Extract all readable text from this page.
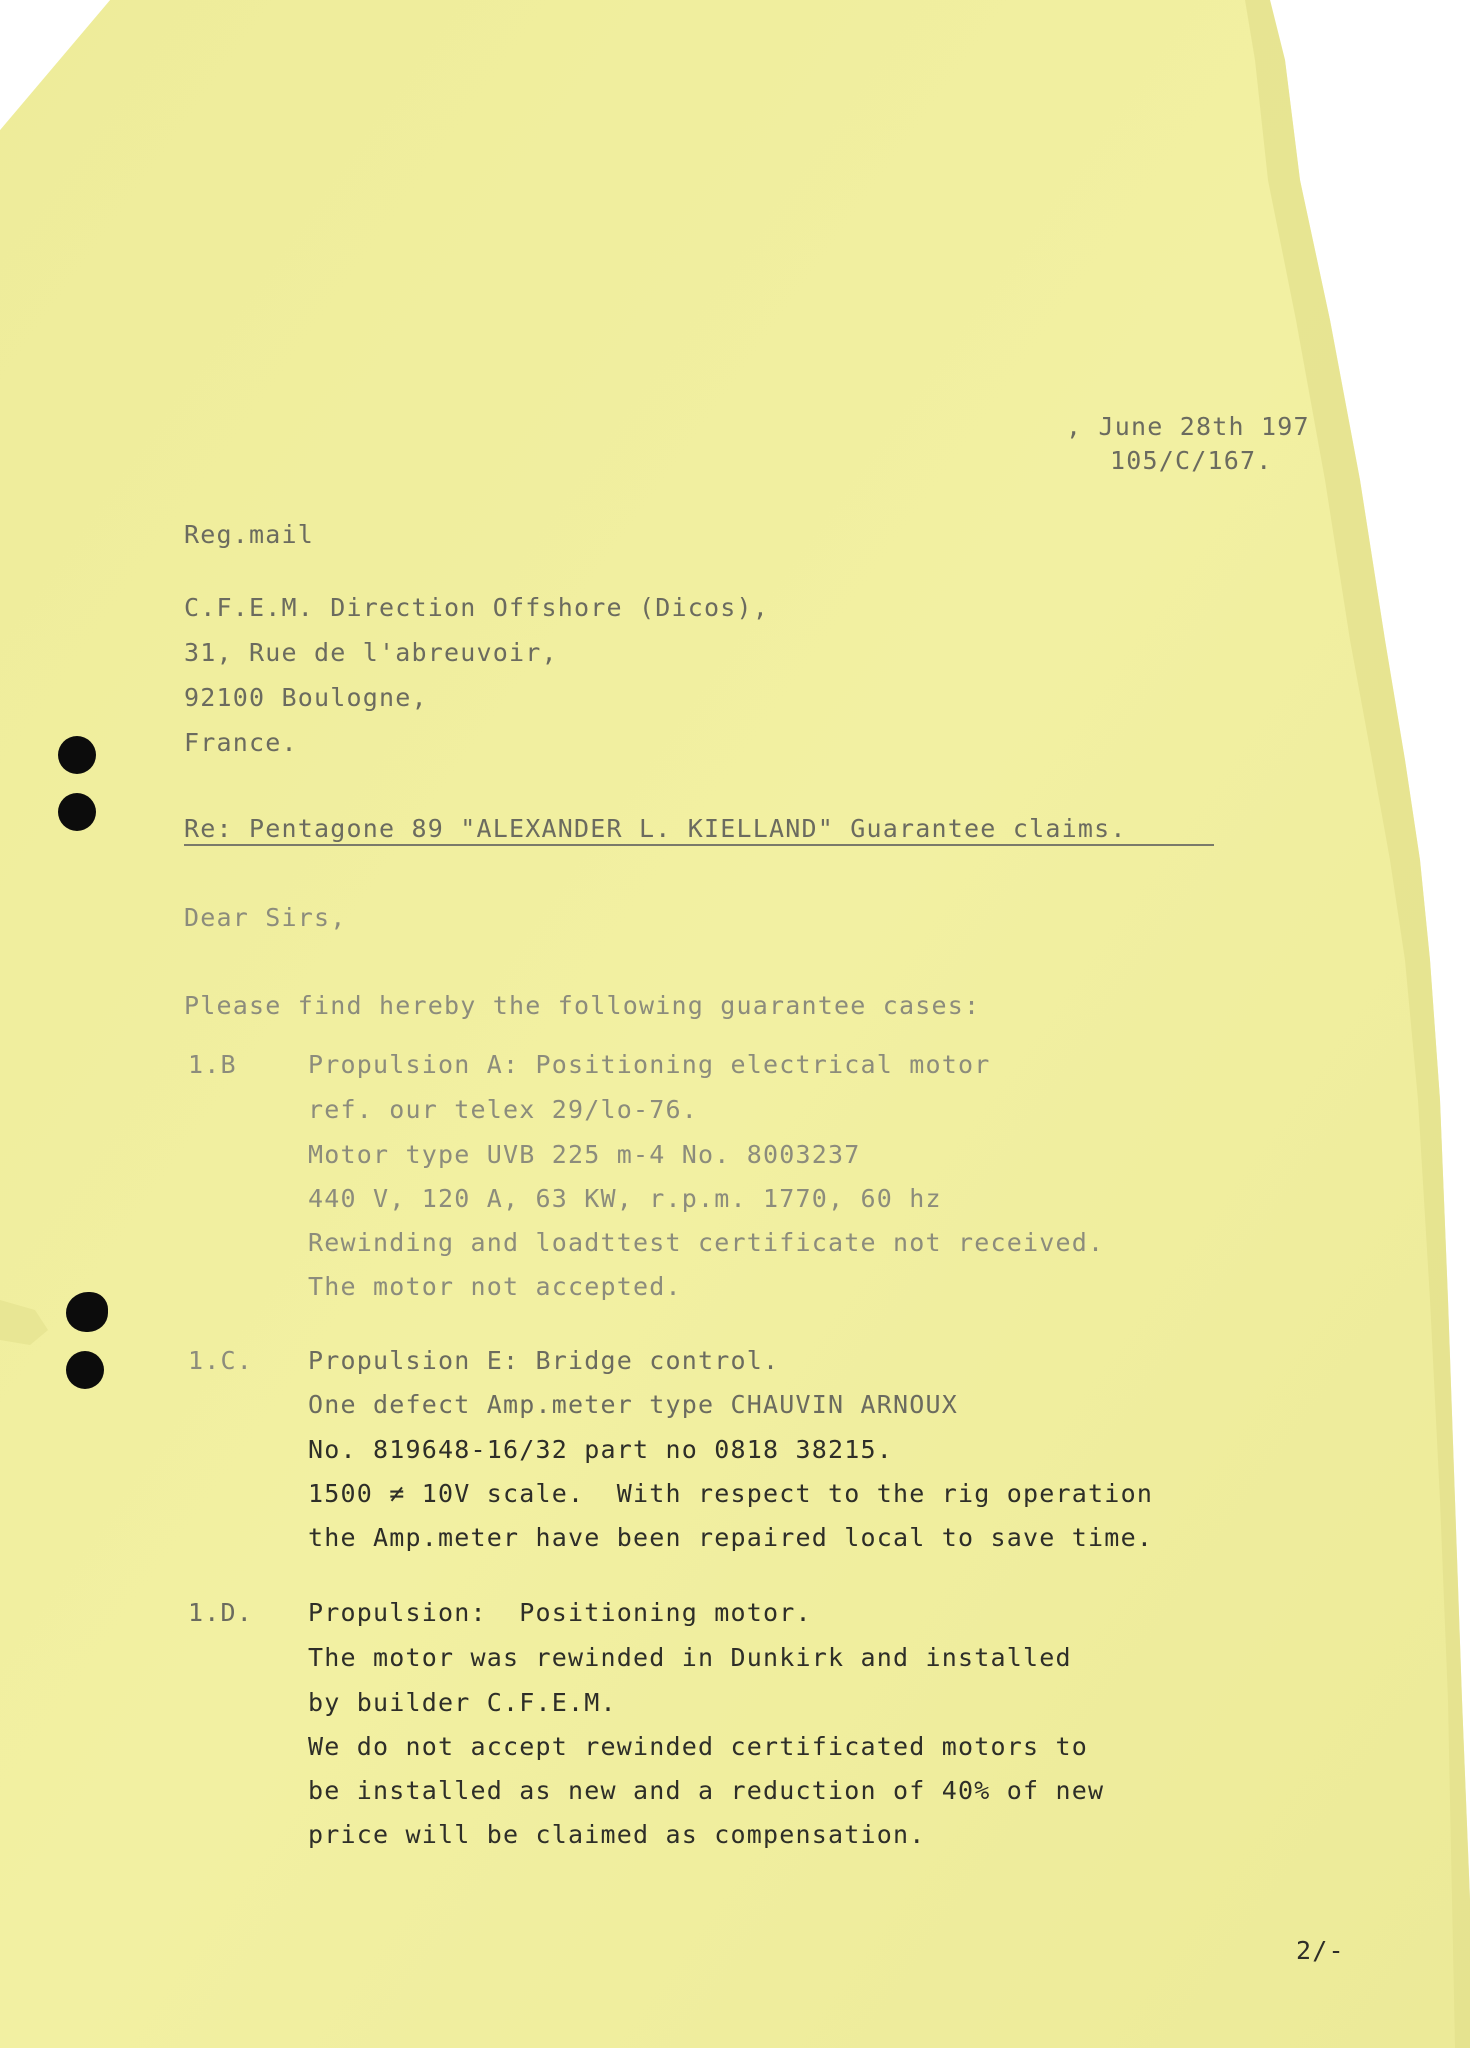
, June 28th 197
105/C/167.
Reg.mail
C.F.E.M. Direction Offshore (Dicos),
31, Rue de l'abreuvoir,
92100 Boulogne,
France.
Re: Pentagone 89 "ALEXANDER L. KIELLAND" Guarantee claims.
Dear Sirs,
Please find hereby the following guarantee cases:
1.B	Propulsion A: Positioning electrical motor
ref. our telex 29/lo-76.
Motor type UVB 225 m-4 No. 8003237
440 V, 120 A, 63 KW, r.p.m. 1770, 60 hz
Rewinding and loadttest certificate not received.
The motor not accepted.
1.C. Propulsion E: Bridge control.
One defect Amp.meter type CHAUVIN ARNOUX
No. 819648-16/32 part no 0818 38215.
1500 ≠ 10V scale.  With respect to the rig operation
the Amp.meter have been repaired local to save time.
1.D. Propulsion:  Positioning motor.
The motor was rewinded in Dunkirk and installed
by builder C.F.E.M.
We do not accept rewinded certificated motors to
be installed as new and a reduction of 40% of new
price will be claimed as compensation.
2/-
